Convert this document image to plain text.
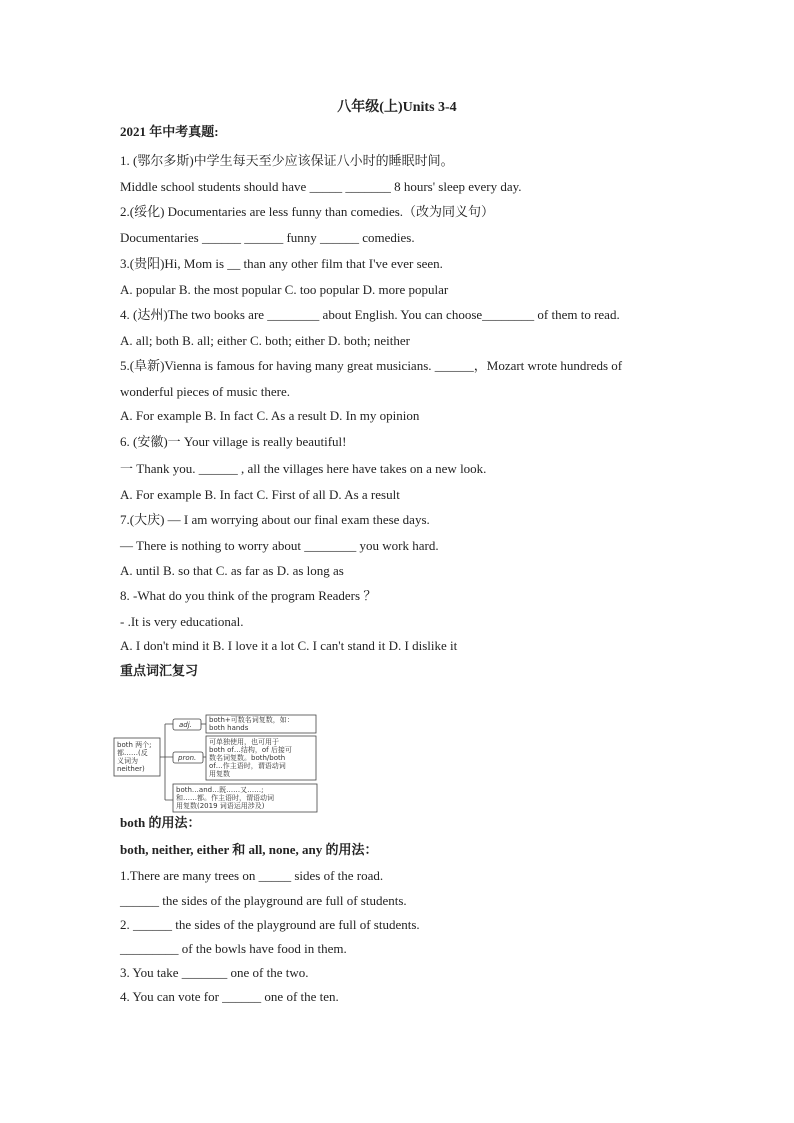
八年级(上)Units 3-4
2021 年中考真题:
1. (鄂尔多斯)中学生每天至少应该保证八小时的睡眠时间。
Middle school students should have _____ _______ 8 hours' sleep every day.
2.(绥化) Documentaries are less funny than comedies.（改为同义句）
Documentaries ______ ______ funny ______ comedies.
3.(贵阳)Hi, Mom is __ than any other film that I've ever seen.
A. popular B. the most popular C. too popular D. more popular
4. (达州)The two books are ________ about English. You can choose________ of them to read.
A. all; both B. all; either C. both; either D. both; neither
5.(阜新)Vienna is famous for having many great musicians. ______，Mozart wrote hundreds of
wonderful pieces of music there.
A. For example B. In fact C. As a result D. In my opinion
6. (安徽)一 Your village is really beautiful!
一 Thank you. ______ , all the villages here have takes on a new look.
A. For example B. In fact C. First of all D. As a result
7.(大庆) — I am worrying about our final exam these days.
— There is nothing to worry about ________ you work hard.
A. until B. so that C. as far as D. as long as
8. -What do you think of the program Readers ？
- .It is very educational.
A. I don't mind it B. I love it a lot C. I can't stand it D. I dislike it
重点词汇复习
both 两个;
都……(反
义词为
neither)
adj.
both+可数名词复数，如：
both hands
pron.
可单独使用，也可用于
both of…结构，of 后接可
数名词复数。both/both
of…作主语时，谓语动词
用复数
both…and…既……又……;
和……都。作主语时，谓语动词
用复数(2019 词语运用涉及)
both 的用法：
both, neither, either 和 all, none, any 的用法：
1.There are many trees on _____ sides of the road.
______ the sides of the playground are full of students.
2. ______ the sides of the playground are full of students.
_________ of the bowls have food in them.
3. You take _______ one of the two.
4. You can vote for ______ one of the ten.
